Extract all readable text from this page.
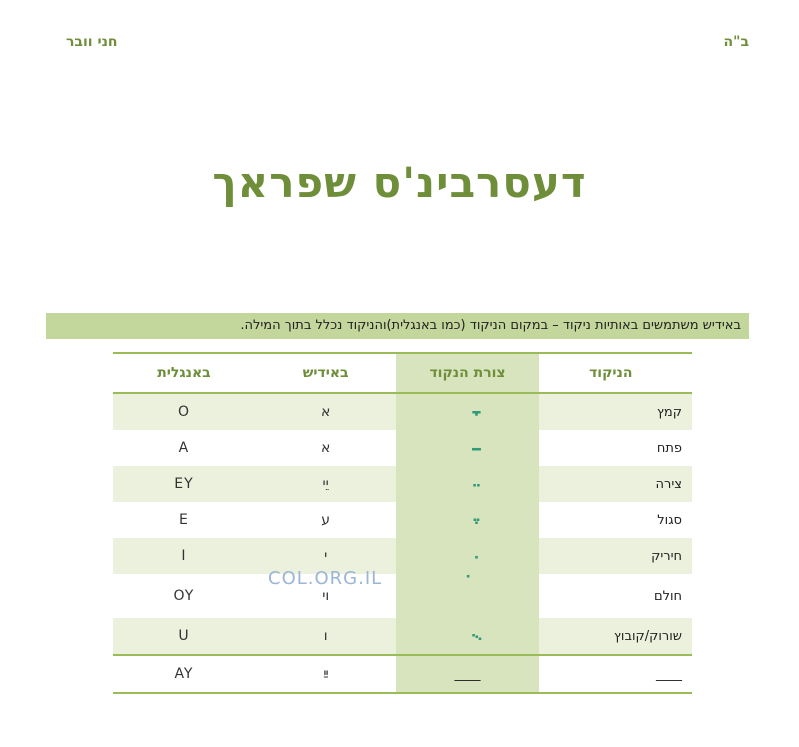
חני וובר	ב"ה
דעסרבינ'ס שפראך
באידיש משתמשים באותיות ניקוד – במקום הניקוד (כמו באנגלית)והניקוד נכלל בתוך המילה.
הניקוד	צורת הנקוד	באידיש	באנגלית
קמץ		א	O
פתח		א	A
צירה		יֵי	EY
סגול		ע	E
חיריק		י	I
חולם		וי	OY
שורוק/קובוץ		ו	U
____	____	ײַ	AY
COL.ORG.IL
